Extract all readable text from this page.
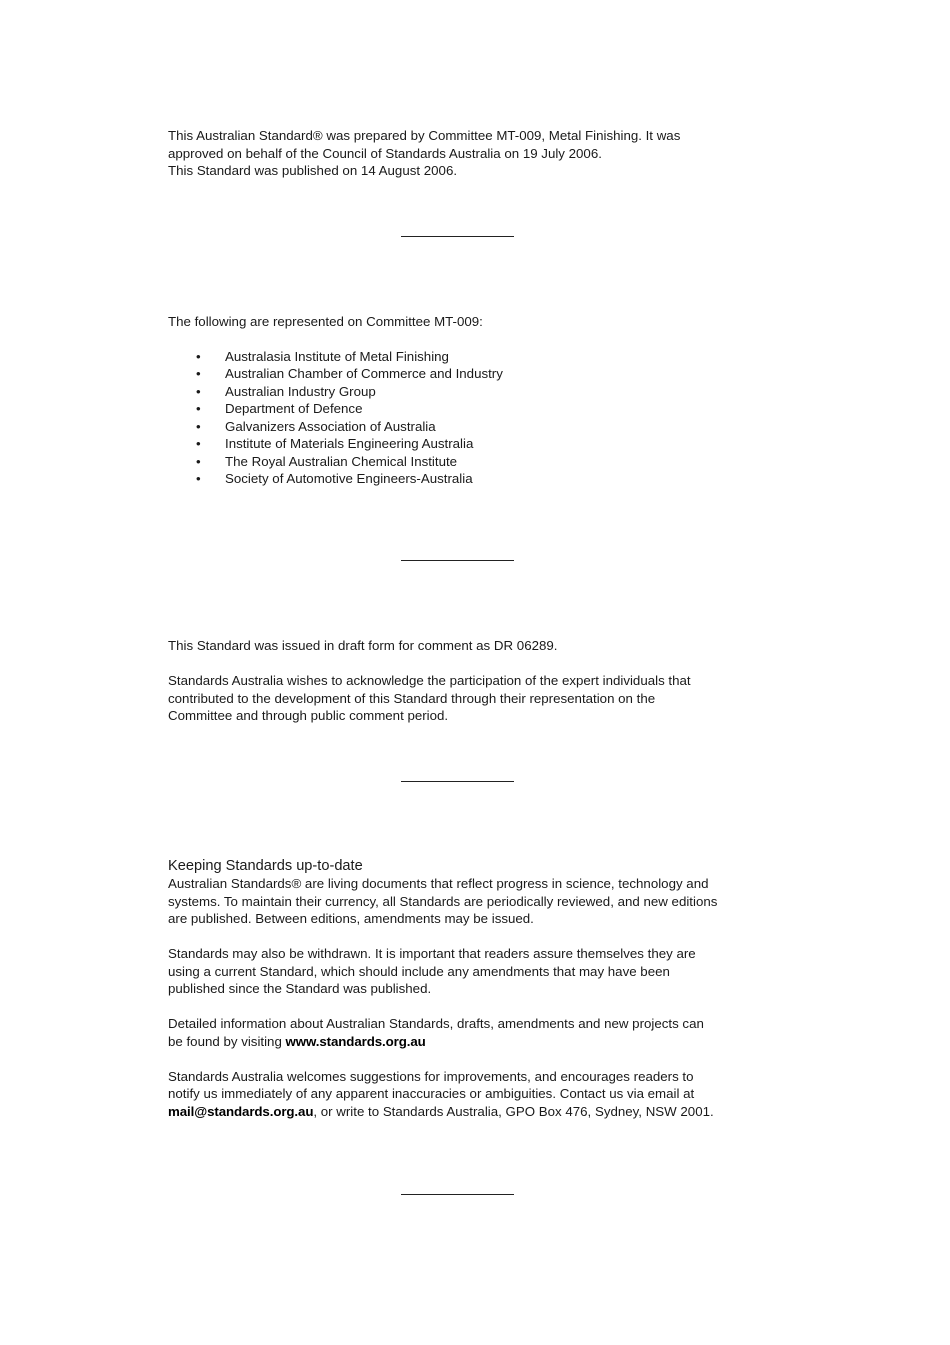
This Australian Standard® was prepared by Committee MT-009, Metal Finishing. It was
approved on behalf of the Council of Standards Australia on 19 July 2006.
This Standard was published on 14 August 2006.

The following are represented on Committee MT-009:

• Australasia Institute of Metal Finishing
• Australian Chamber of Commerce and Industry
• Australian Industry Group
• Department of Defence
• Galvanizers Association of Australia
• Institute of Materials Engineering Australia
• The Royal Australian Chemical Institute
• Society of Automotive Engineers-Australia

This Standard was issued in draft form for comment as DR 06289.

Standards Australia wishes to acknowledge the participation of the expert individuals that
contributed to the development of this Standard through their representation on the
Committee and through public comment period.

Keeping Standards up-to-date

Australian Standards® are living documents that reflect progress in science, technology and
systems. To maintain their currency, all Standards are periodically reviewed, and new editions
are published. Between editions, amendments may be issued.

Standards may also be withdrawn. It is important that readers assure themselves they are
using a current Standard, which should include any amendments that may have been
published since the Standard was published.

Detailed information about Australian Standards, drafts, amendments and new projects can
be found by visiting www.standards.org.au

Standards Australia welcomes suggestions for improvements, and encourages readers to
notify us immediately of any apparent inaccuracies or ambiguities. Contact us via email at
mail@standards.org.au, or write to Standards Australia, GPO Box 476, Sydney, NSW 2001.
